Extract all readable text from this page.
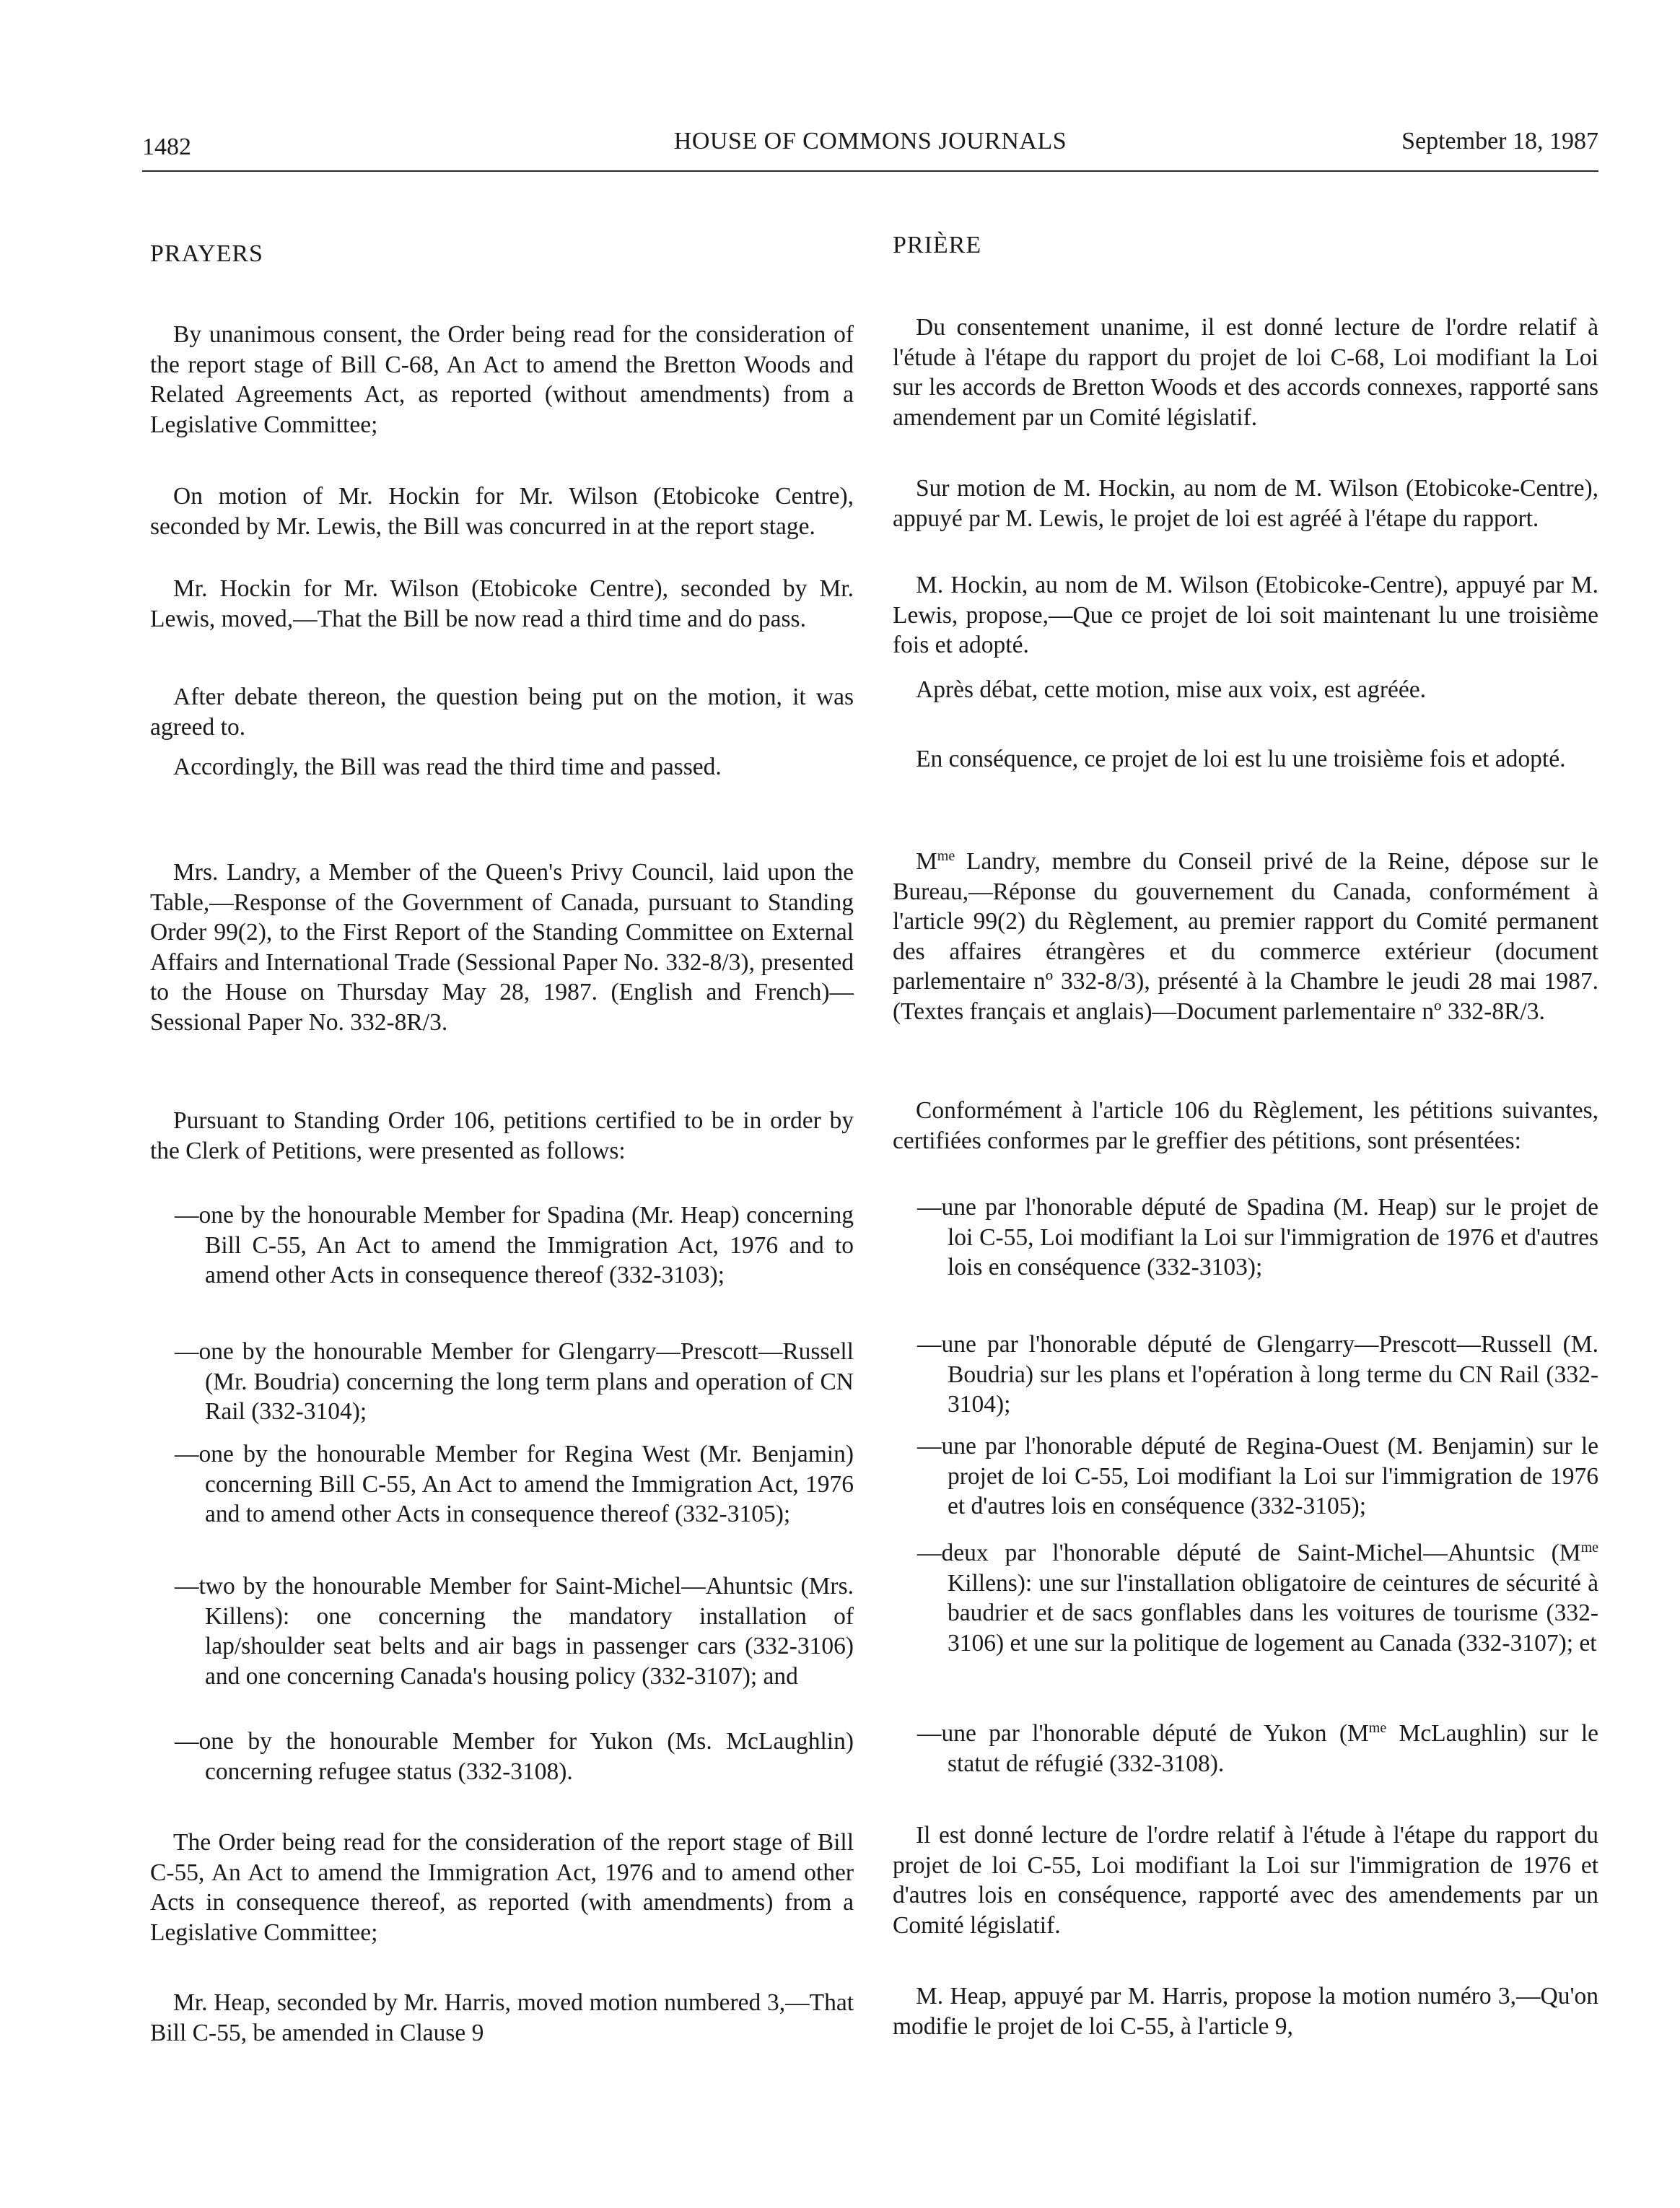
1482	HOUSE OF COMMONS JOURNALS	September 18, 1987
PRAYERS
By unanimous consent, the Order being read for the consideration of the report stage of Bill C-68, An Act to amend the Bretton Woods and Related Agreements Act, as reported (without amendments) from a Legislative Committee;
On motion of Mr. Hockin for Mr. Wilson (Etobicoke Centre), seconded by Mr. Lewis, the Bill was concurred in at the report stage.
Mr. Hockin for Mr. Wilson (Etobicoke Centre), seconded by Mr. Lewis, moved,—That the Bill be now read a third time and do pass.
After debate thereon, the question being put on the motion, it was agreed to.
Accordingly, the Bill was read the third time and passed.
Mrs. Landry, a Member of the Queen's Privy Council, laid upon the Table,—Response of the Government of Canada, pursuant to Standing Order 99(2), to the First Report of the Standing Committee on External Affairs and International Trade (Sessional Paper No. 332-8/3), presented to the House on Thursday May 28, 1987. (English and French)—Sessional Paper No. 332-8R/3.
Pursuant to Standing Order 106, petitions certified to be in order by the Clerk of Petitions, were presented as follows:
—one by the honourable Member for Spadina (Mr. Heap) concerning Bill C-55, An Act to amend the Immigration Act, 1976 and to amend other Acts in consequence thereof (332-3103);
—one by the honourable Member for Glengarry—Prescott—Russell (Mr. Boudria) concerning the long term plans and operation of CN Rail (332-3104);
—one by the honourable Member for Regina West (Mr. Benjamin) concerning Bill C-55, An Act to amend the Immigration Act, 1976 and to amend other Acts in consequence thereof (332-3105);
—two by the honourable Member for Saint-Michel—Ahuntsic (Mrs. Killens): one concerning the mandatory installation of lap/shoulder seat belts and air bags in passenger cars (332-3106) and one concerning Canada's housing policy (332-3107); and
—one by the honourable Member for Yukon (Ms. McLaughlin) concerning refugee status (332-3108).
The Order being read for the consideration of the report stage of Bill C-55, An Act to amend the Immigration Act, 1976 and to amend other Acts in consequence thereof, as reported (with amendments) from a Legislative Committee;
Mr. Heap, seconded by Mr. Harris, moved motion numbered 3,—That Bill C-55, be amended in Clause 9
PRIÈRE
Du consentement unanime, il est donné lecture de l'ordre relatif à l'étude à l'étape du rapport du projet de loi C-68, Loi modifiant la Loi sur les accords de Bretton Woods et des accords connexes, rapporté sans amendement par un Comité législatif.
Sur motion de M. Hockin, au nom de M. Wilson (Etobicoke-Centre), appuyé par M. Lewis, le projet de loi est agréé à l'étape du rapport.
M. Hockin, au nom de M. Wilson (Etobicoke-Centre), appuyé par M. Lewis, propose,—Que ce projet de loi soit maintenant lu une troisième fois et adopté.
Après débat, cette motion, mise aux voix, est agréée.
En conséquence, ce projet de loi est lu une troisième fois et adopté.
$M^{me}$ Landry, membre du Conseil privé de la Reine, dépose sur le Bureau,—Réponse du gouvernement du Canada, conformément à l'article 99(2) du Règlement, au premier rapport du Comité permanent des affaires étrangères et du commerce extérieur (document parlementaire nº 332-8/3), présenté à la Chambre le jeudi 28 mai 1987. (Textes français et anglais)—Document parlementaire nº 332-8R/3.
Conformément à l'article 106 du Règlement, les pétitions suivantes, certifiées conformes par le greffier des pétitions, sont présentées:
—une par l'honorable député de Spadina (M. Heap) sur le projet de loi C-55, Loi modifiant la Loi sur l'immigration de 1976 et d'autres lois en conséquence (332-3103);
—une par l'honorable député de Glengarry—Prescott—Russell (M. Boudria) sur les plans et l'opération à long terme du CN Rail (332-3104);
—une par l'honorable député de Regina-Ouest (M. Benjamin) sur le projet de loi C-55, Loi modifiant la Loi sur l'immigration de 1976 et d'autres lois en conséquence (332-3105);
—deux par l'honorable député de Saint-Michel—Ahuntsic ($M^{me}$ Killens): une sur l'installation obligatoire de ceintures de sécurité à baudrier et de sacs gonflables dans les voitures de tourisme (332-3106) et une sur la politique de logement au Canada (332-3107); et
—une par l'honorable député de Yukon ($M^{me}$ McLaughlin) sur le statut de réfugié (332-3108).
Il est donné lecture de l'ordre relatif à l'étude à l'étape du rapport du projet de loi C-55, Loi modifiant la Loi sur l'immigration de 1976 et d'autres lois en conséquence, rapporté avec des amendements par un Comité législatif.
M. Heap, appuyé par M. Harris, propose la motion numéro 3,—Qu'on modifie le projet de loi C-55, à l'article 9,
